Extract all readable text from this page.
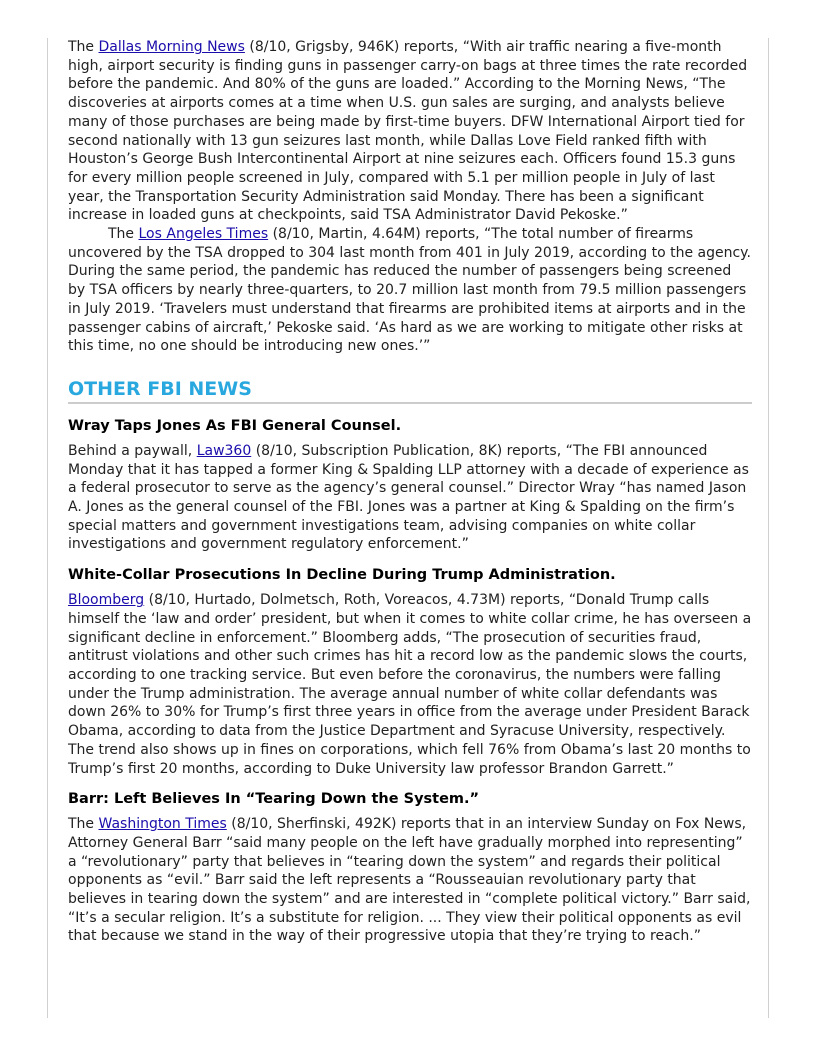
The Dallas Morning News (8/10, Grigsby, 946K) reports, “With air traffic nearing a five-month high, airport security is finding guns in passenger carry-on bags at three times the rate recorded before the pandemic. And 80% of the guns are loaded.” According to the Morning News, “The discoveries at airports comes at a time when U.S. gun sales are surging, and analysts believe many of those purchases are being made by first-time buyers. DFW International Airport tied for second nationally with 13 gun seizures last month, while Dallas Love Field ranked fifth with Houston’s George Bush Intercontinental Airport at nine seizures each. Officers found 15.3 guns for every million people screened in July, compared with 5.1 per million people in July of last year, the Transportation Security Administration said Monday. There has been a significant increase in loaded guns at checkpoints, said TSA Administrator David Pekoske.”

The Los Angeles Times (8/10, Martin, 4.64M) reports, “The total number of firearms uncovered by the TSA dropped to 304 last month from 401 in July 2019, according to the agency. During the same period, the pandemic has reduced the number of passengers being screened by TSA officers by nearly three-quarters, to 20.7 million last month from 79.5 million passengers in July 2019. ‘Travelers must understand that firearms are prohibited items at airports and in the passenger cabins of aircraft,’ Pekoske said. ‘As hard as we are working to mitigate other risks at this time, no one should be introducing new ones.’”

OTHER FBI NEWS
Wray Taps Jones As FBI General Counsel.

Behind a paywall, Law360 (8/10, Subscription Publication, 8K) reports, “The FBI announced Monday that it has tapped a former King & Spalding LLP attorney with a decade of experience as a federal prosecutor to serve as the agency’s general counsel.” Director Wray “has named Jason A. Jones as the general counsel of the FBI. Jones was a partner at King & Spalding on the firm’s special matters and government investigations team, advising companies on white collar investigations and government regulatory enforcement.”

White-Collar Prosecutions In Decline During Trump Administration.

Bloomberg (8/10, Hurtado, Dolmetsch, Roth, Voreacos, 4.73M) reports, “Donald Trump calls himself the ‘law and order’ president, but when it comes to white collar crime, he has overseen a significant decline in enforcement.” Bloomberg adds, “The prosecution of securities fraud, antitrust violations and other such crimes has hit a record low as the pandemic slows the courts, according to one tracking service. But even before the coronavirus, the numbers were falling under the Trump administration. The average annual number of white collar defendants was down 26% to 30% for Trump’s first three years in office from the average under President Barack Obama, according to data from the Justice Department and Syracuse University, respectively. The trend also shows up in fines on corporations, which fell 76% from Obama’s last 20 months to Trump’s first 20 months, according to Duke University law professor Brandon Garrett.”

Barr: Left Believes In “Tearing Down the System.”

The Washington Times (8/10, Sherfinski, 492K) reports that in an interview Sunday on Fox News, Attorney General Barr “said many people on the left have gradually morphed into representing” a “revolutionary” party that believes in “tearing down the system” and regards their political opponents as “evil.” Barr said the left represents a “Rousseauian revolutionary party that believes in tearing down the system” and are interested in “complete political victory.” Barr said, “It’s a secular religion. It’s a substitute for religion. ... They view their political opponents as evil that because we stand in the way of their progressive utopia that they’re trying to reach.”
